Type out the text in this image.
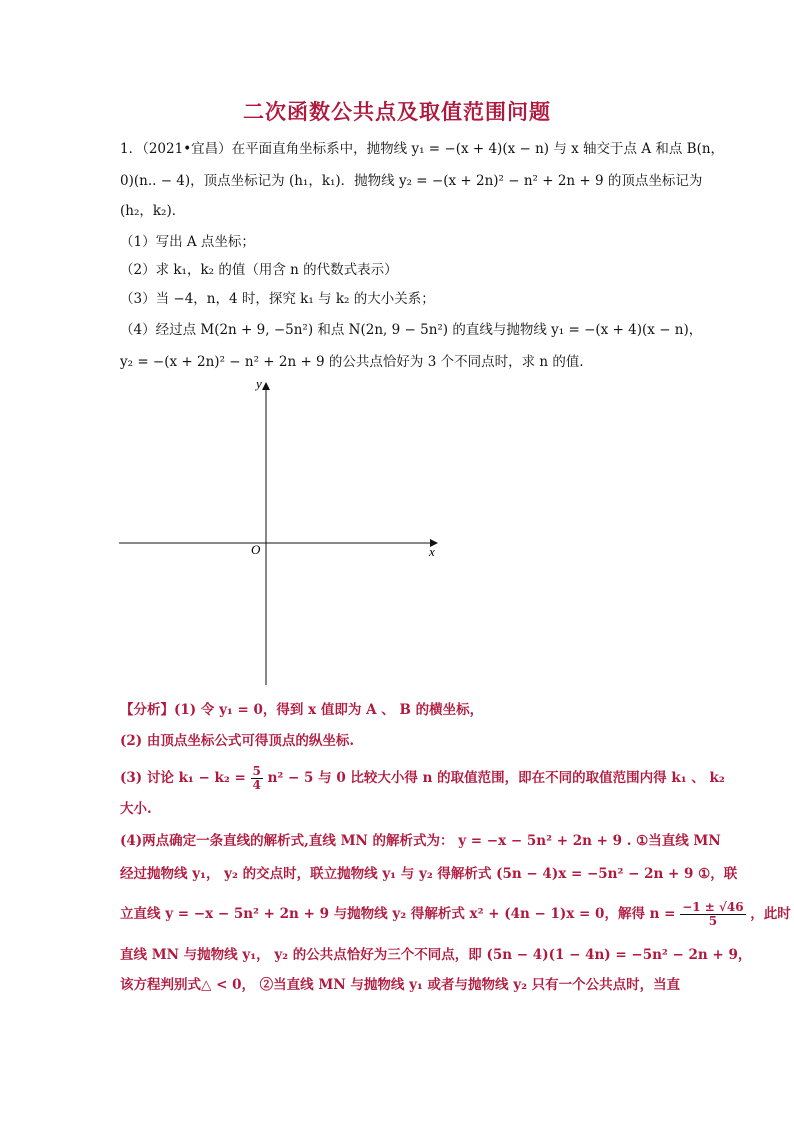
二次函数公共点及取值范围问题
1．（2021•宜昌）在平面直角坐标系中，抛物线 y₁ = −(x + 4)(x − n) 与 x 轴交于点 A 和点 B(n，
0)(n.. − 4)，顶点坐标记为 (h₁，k₁)．抛物线 y₂ = −(x + 2n)² − n² + 2n + 9 的顶点坐标记为
(h₂，k₂)．
（1）写出 A 点坐标；
（2）求 k₁，k₂ 的值（用含 n 的代数式表示）
（3）当 −4，n，4 时，探究 k₁ 与 k₂ 的大小关系；
（4）经过点 M(2n + 9, −5n²) 和点 N(2n, 9 − 5n²) 的直线与抛物线 y₁ = −(x + 4)(x − n)，
y₂ = −(x + 2n)² − n² + 2n + 9 的公共点恰好为 3 个不同点时，求 n 的值．
y
x
O
【分析】(1) 令 y₁ = 0，得到 x 值即为 A 、 B 的横坐标，
(2) 由顶点坐标公式可得顶点的纵坐标.
(3) 讨论 $k_1 - k_2 = \frac{5}{4} n^2 - 5$ 与 0 比较大小得 n 的取值范围，即在不同的取值范围内得 k₁ 、 k₂
大小.
(4)两点确定一条直线的解析式,直线 MN 的解析式为： y = −x − 5n² + 2n + 9 . ①当直线 MN
经过抛物线 y₁， y₂ 的交点时，联立抛物线 y₁ 与 y₂ 得解析式 (5n − 4)x = −5n² − 2n + 9 ①，联
立直线 y = −x − 5n² + 2n + 9 与抛物线 y₂ 得解析式 x² + (4n − 1)x = 0，解得 $n = \frac{-1 \pm √46}{5}$ ，此时
直线 MN 与抛物线 y₁， y₂ 的公共点恰好为三个不同点，即 (5n − 4)(1 − 4n) = −5n² − 2n + 9，
该方程判别式△ < 0， ②当直线 MN 与抛物线 y₁ 或者与抛物线 y₂ 只有一个公共点时，当直
